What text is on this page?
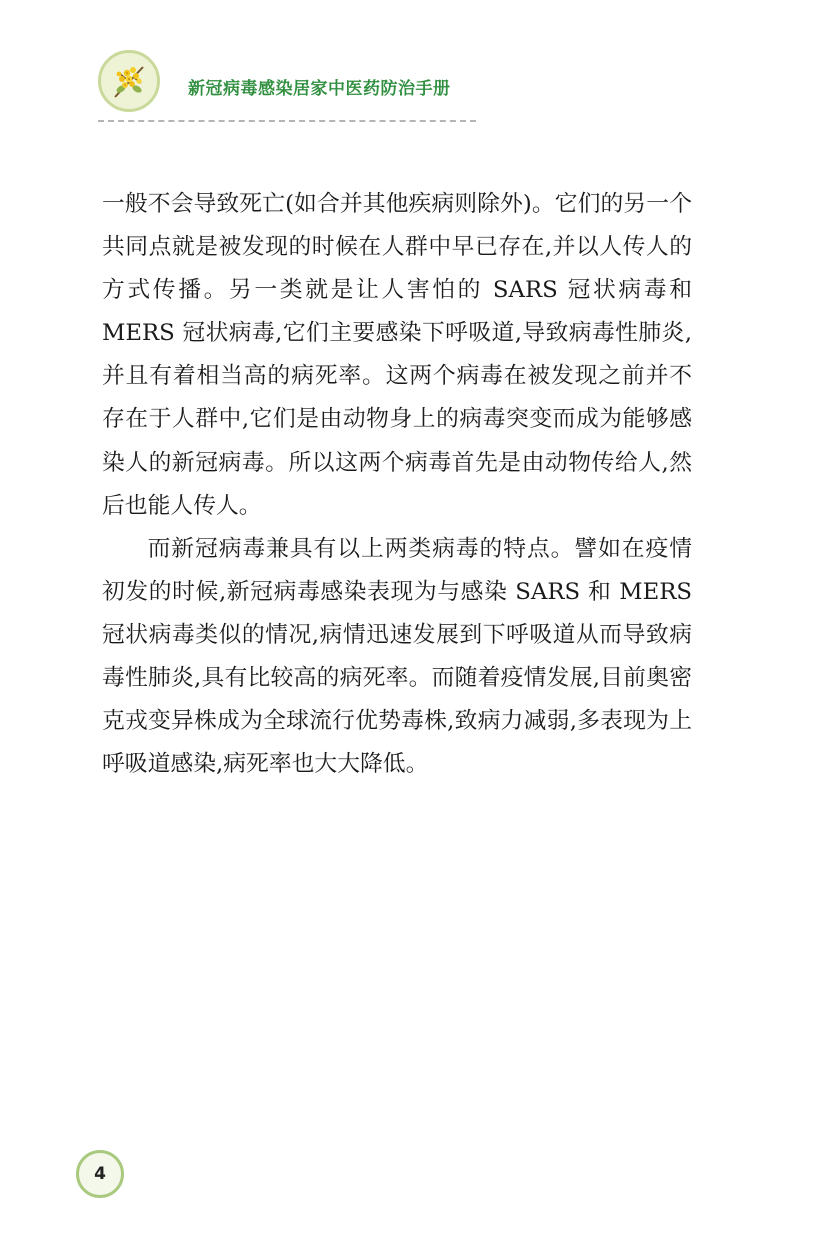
新冠病毒感染居家中医药防治手册

一般不会导致死亡(如合并其他疾病则除外)。它们的另一个共同点就是被发现的时候在人群中早已存在,并以人传人的方式传播。另一类就是让人害怕的 SARS 冠状病毒和 MERS 冠状病毒,它们主要感染下呼吸道,导致病毒性肺炎,并且有着相当高的病死率。这两个病毒在被发现之前并不存在于人群中,它们是由动物身上的病毒突变而成为能够感染人的新冠病毒。所以这两个病毒首先是由动物传给人,然后也能人传人。

而新冠病毒兼具有以上两类病毒的特点。譬如在疫情初发的时候,新冠病毒感染表现为与感染 SARS 和 MERS 冠状病毒类似的情况,病情迅速发展到下呼吸道从而导致病毒性肺炎,具有比较高的病死率。而随着疫情发展,目前奥密克戎变异株成为全球流行优势毒株,致病力减弱,多表现为上呼吸道感染,病死率也大大降低。

4
